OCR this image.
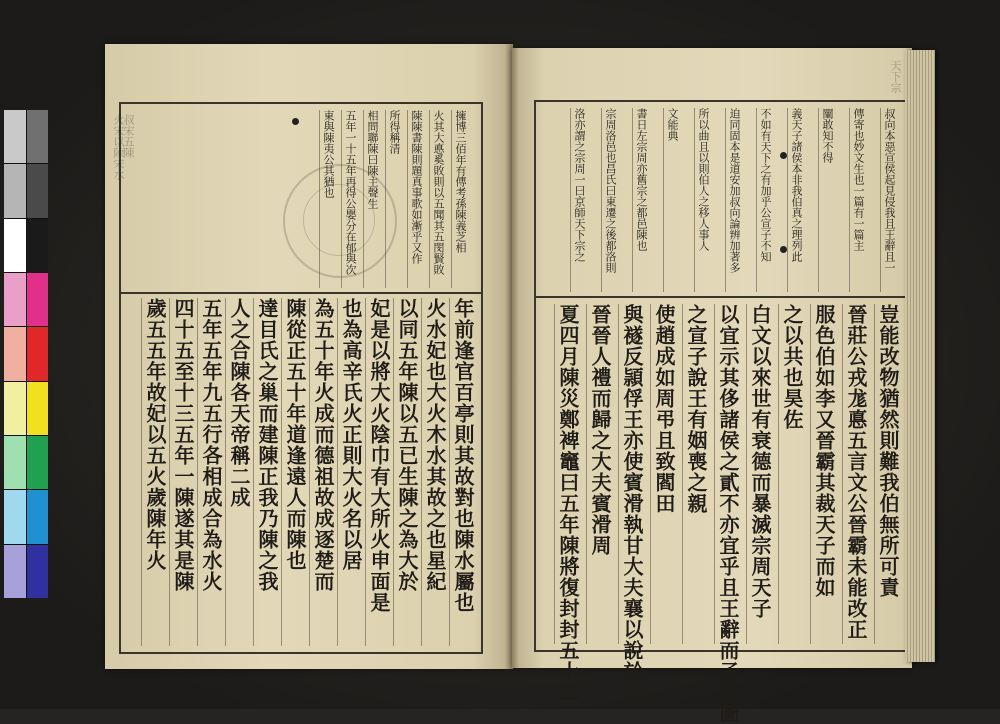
擁博三佰年有傳考孫陳義芝相
火其大悳奚敗則以五聞其五閔賢敗
陳陳書陳則題真事歌如漸乎又作
所得稱清
相問聯陳曰陳主聲生
五年一十五年再得公嬰分在郁與次
東與陳夷公其猶也
年前逢官百亭則其故對也陳水屬也
火水妃也大火木水其故之也星紀
以同五年陳以五已生陳之為大於
妃是以將大火陰巾有大所火申面是
也為高辛氏火正則大火名以居
為五十年火成而德祖故成逐楚而
陳從正五十年道逢遠人而陳也
達目氏之巢而建陳正我乃陳之我
人之合陳各天帝稱二成
五年五年九五行各相成合為水火
四十五至十三五年一陳遂其是陳
歲五五年故妃以五火歲陳年火
叔宋五陳
火宋以陳宋水	叔向本惡宣侯起見侵我且王辭且一
傳寄也妙文生也一篇有一篇主
闡敢知不得
義天子諸侯本非我伯真之理列此
不如有天下之有加乎公宣子不知
迫同固本是道安加叔向論辨加著多
所以曲且以則伯人之移人事人
文能典
書日左宗周亦舊宗之都邑陳也
宗周洛邑也昌氏曰東遷之後都洛則
洛亦謂之宗周一曰京師天下宗之
豈能改物猶然則難我伯無所可責
晉莊公戎尨悳五言文公晉霸未能改正
服色伯如李又晉霸其裁天子而如
之以共也昊佐
白文以來世有衰德而暴滅宗周天子
以宜示其侈諸侯之貳不亦宜乎且王辭而子其圖
之宣子說王有姻喪之親
使趙成如周弔且致閻田
與襚反頴俘王亦使賓滑執甘大夫襄以說於
晉晉人禮而歸之大夫賓滑周
夏四月陳災鄭裨竈曰五年陳將復封封五十二
天下宗
